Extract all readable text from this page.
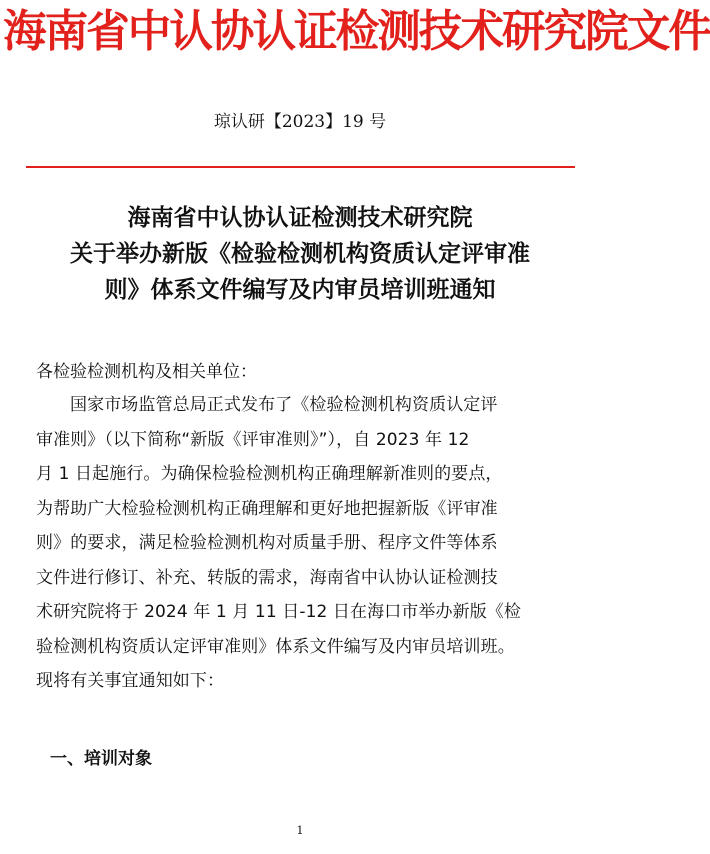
海南省中认协认证检测技术研究院文件
琼认研【2023】19 号
海南省中认协认证检测技术研究院
关于举办新版《检验检测机构资质认定评审准
则》体系文件编写及内审员培训班通知

各检验检测机构及相关单位：

国家市场监管总局正式发布了《检验检测机构资质认定评
审准则》（以下简称“新版《评审准则》”），自 2023 年 12
月 1 日起施行。为确保检验检测机构正确理解新准则的要点，
为帮助广大检验检测机构正确理解和更好地把握新版《评审准
则》的要求，满足检验检测机构对质量手册、程序文件等体系
文件进行修订、补充、转版的需求，海南省中认协认证检测技
术研究院将于 2024 年 1 月 11 日-12 日在海口市举办新版《检
验检测机构资质认定评审准则》体系文件编写及内审员培训班。
现将有关事宜通知如下：

一、培训对象
1
